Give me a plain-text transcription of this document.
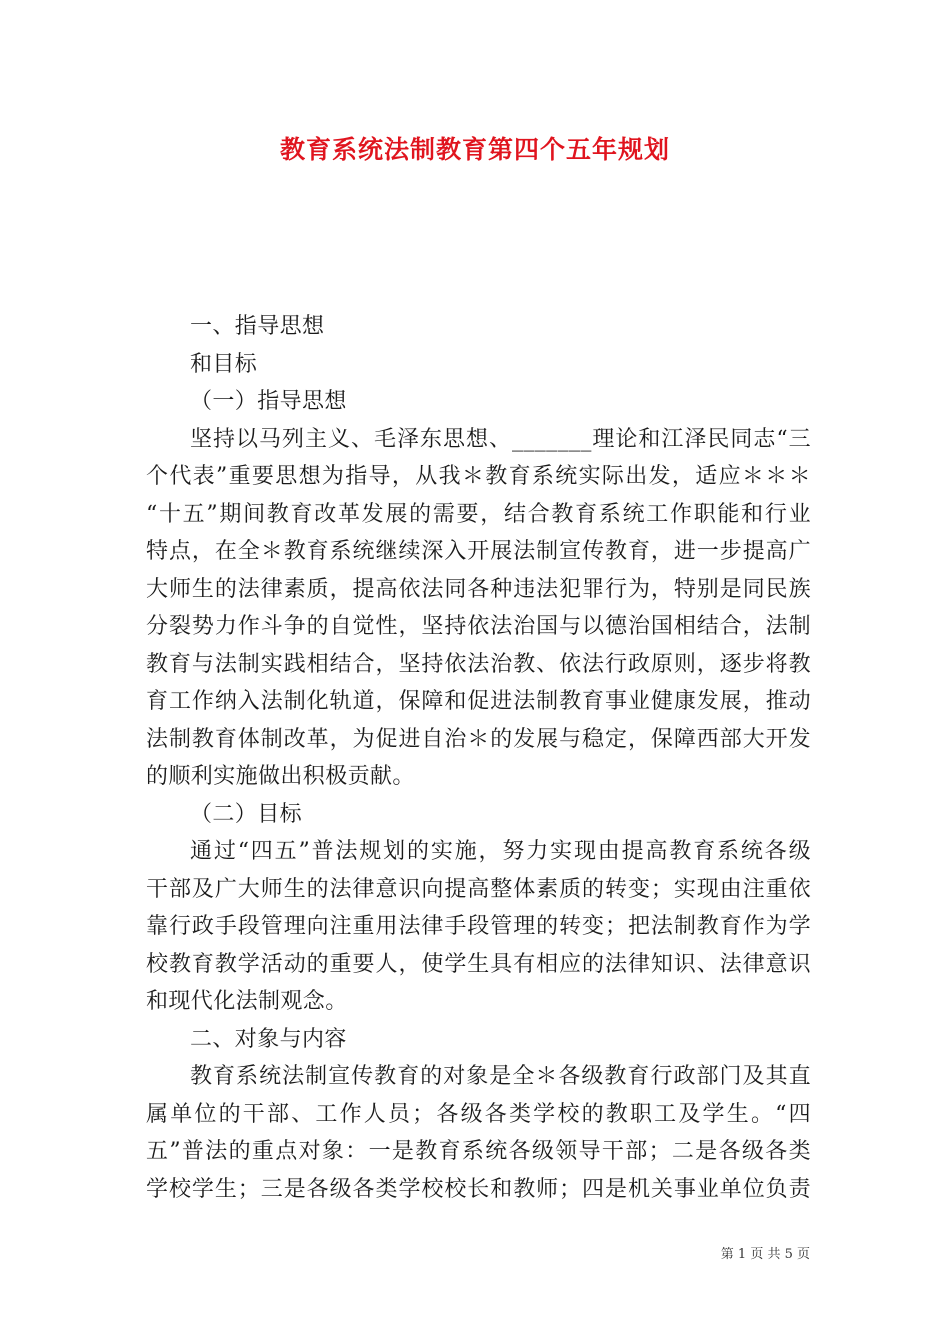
教育系统法制教育第四个五年规划
一、指导思想
和目标
（一）指导思想
坚持以马列主义、毛泽东思想、_______理论和江泽民同志“三
个代表”重要思想为指导，从我＊教育系统实际出发，适应＊＊＊
“十五”期间教育改革发展的需要，结合教育系统工作职能和行业
特点，在全＊教育系统继续深入开展法制宣传教育，进一步提高广
大师生的法律素质，提高依法同各种违法犯罪行为，特别是同民族
分裂势力作斗争的自觉性，坚持依法治国与以德治国相结合，法制
教育与法制实践相结合，坚持依法治教、依法行政原则，逐步将教
育工作纳入法制化轨道，保障和促进法制教育事业健康发展，推动
法制教育体制改革，为促进自治＊的发展与稳定，保障西部大开发
的顺利实施做出积极贡献。
（二）目标
通过“四五”普法规划的实施，努力实现由提高教育系统各级
干部及广大师生的法律意识向提高整体素质的转变；实现由注重依
靠行政手段管理向注重用法律手段管理的转变；把法制教育作为学
校教育教学活动的重要人，使学生具有相应的法律知识、法律意识
和现代化法制观念。
二、对象与内容
教育系统法制宣传教育的对象是全＊各级教育行政部门及其直
属单位的干部、工作人员；各级各类学校的教职工及学生。“四
五”普法的重点对象：一是教育系统各级领导干部；二是各级各类
学校学生；三是各级各类学校校长和教师；四是机关事业单位负责
第 1 页 共 5 页
